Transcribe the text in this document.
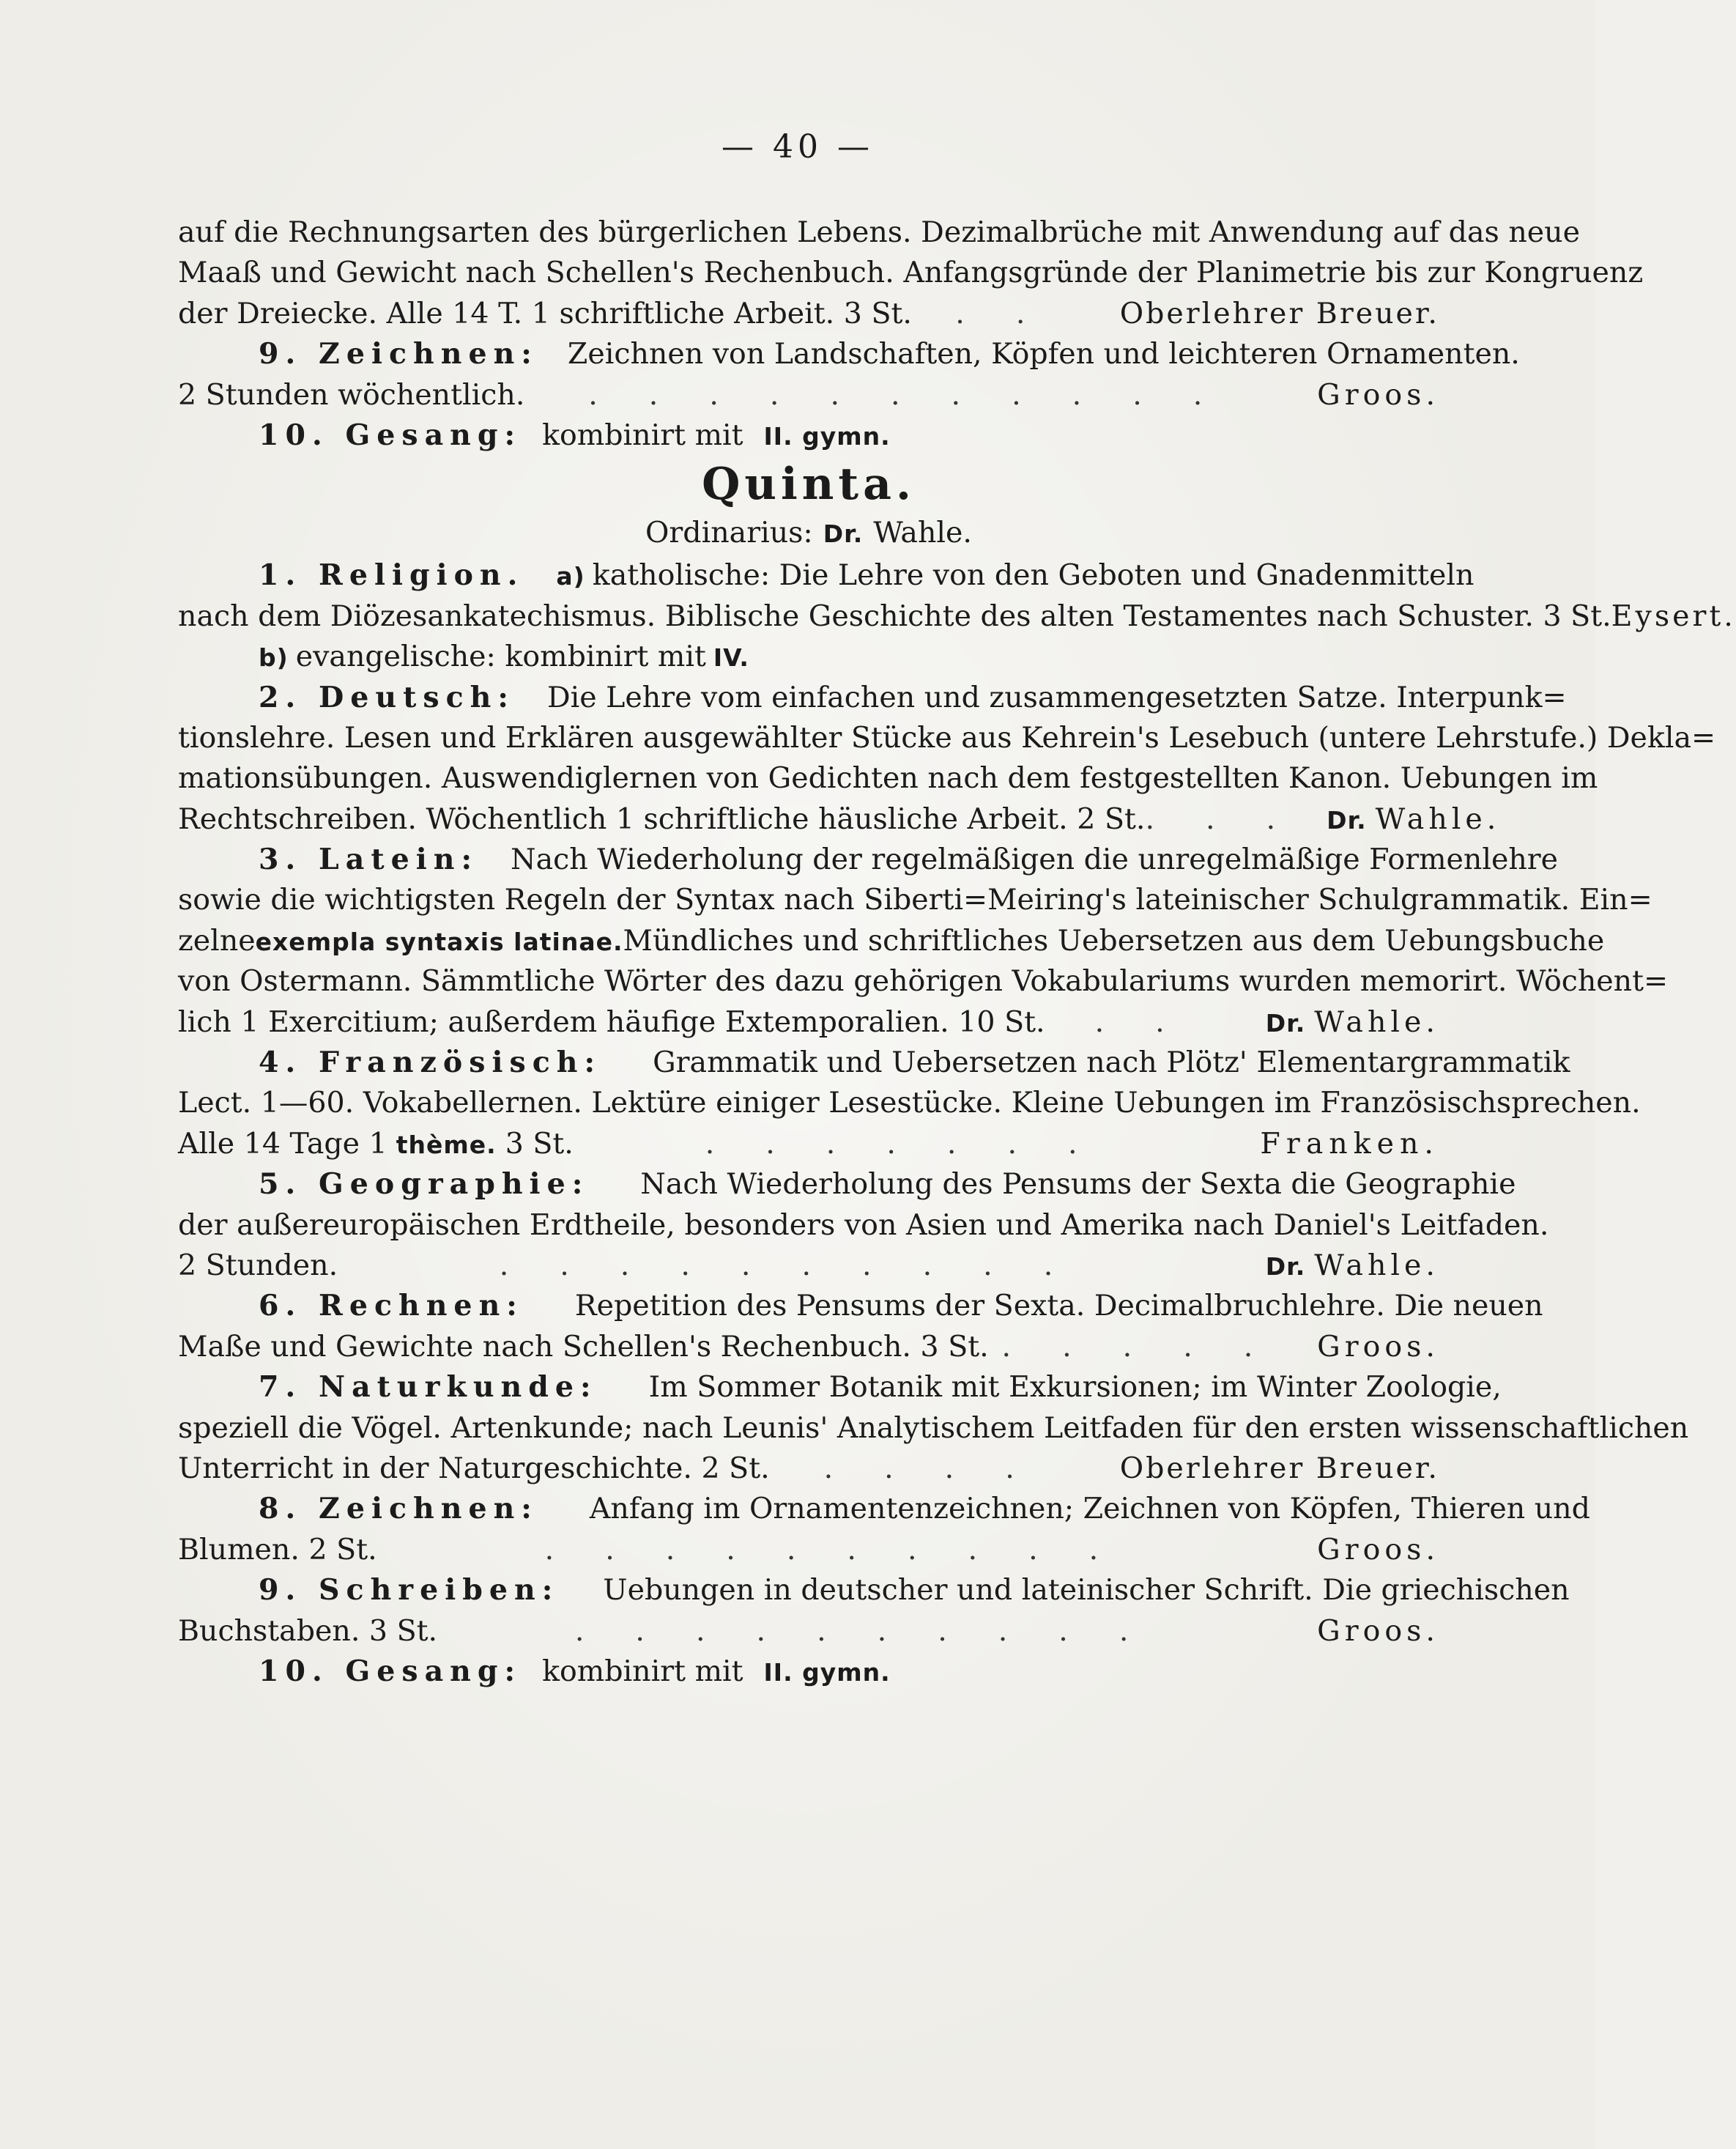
— 40 —
auf die Rechnungsarten des bürgerlichen Lebens. Dezimalbrüche mit Anwendung auf das neue
Maaß und Gewicht nach Schellen's Rechenbuch. Anfangsgründe der Planimetrie bis zur Kongruenz
der Dreiecke. Alle 14 T. 1 schriftliche Arbeit. 3 St. .. Oberlehrer Breuer.
9. Zeichnen: Zeichnen von Landschaften, Köpfen und leichteren Ornamenten.
2 Stunden wöchentlich. ........... Groos.
10. Gesang: kombinirt mit II. gymn.
Quinta.
Ordinarius: Dr. Wahle.
1. Religion. a) katholische: Die Lehre von den Geboten und Gnadenmitteln
nach dem Diözesankatechismus. Biblische Geschichte des alten Testamentes nach Schuster. 3 St. Eysert.
b) evangelische: kombinirt mit IV.
2. Deutsch: Die Lehre vom einfachen und zusammengesetzten Satze. Interpunk=
tionslehre. Lesen und Erklären ausgewählter Stücke aus Kehrein's Lesebuch (untere Lehrstufe.) Dekla=
mationsübungen. Auswendiglernen von Gedichten nach dem festgestellten Kanon. Uebungen im
Rechtschreiben. Wöchentlich 1 schriftliche häusliche Arbeit. 2 St. ... Dr. Wahle.
3. Latein: Nach Wiederholung der regelmäßigen die unregelmäßige Formenlehre
sowie die wichtigsten Regeln der Syntax nach Siberti=Meiring's lateinischer Schulgrammatik. Ein=
zelne exempla syntaxis latinae. Mündliches und schriftliches Uebersetzen aus dem Uebungsbuche
von Ostermann. Sämmtliche Wörter des dazu gehörigen Vokabulariums wurden memorirt. Wöchent=
lich 1 Exercitium; außerdem häufige Extemporalien. 10 St. .. Dr. Wahle.
4. Französisch: Grammatik und Uebersetzen nach Plötz' Elementargrammatik
Lect. 1—60. Vokabellernen. Lektüre einiger Lesestücke. Kleine Uebungen im Französischsprechen.
Alle 14 Tage 1 thème. 3 St.	.......	Franken.
5. Geographie: Nach Wiederholung des Pensums der Sexta die Geographie
der außereuropäischen Erdtheile, besonders von Asien und Amerika nach Daniel's Leitfaden.
2 Stunden.	..........	Dr. Wahle.
6. Rechnen: Repetition des Pensums der Sexta. Decimalbruchlehre. Die neuen
Maße und Gewichte nach Schellen's Rechenbuch. 3 St. ..... Groos.
7. Naturkunde: Im Sommer Botanik mit Exkursionen; im Winter Zoologie,
speziell die Vögel. Artenkunde; nach Leunis' Analytischem Leitfaden für den ersten wissenschaftlichen
Unterricht in der Naturgeschichte. 2 St. .... Oberlehrer Breuer.
8. Zeichnen: Anfang im Ornamentenzeichnen; Zeichnen von Köpfen, Thieren und
Blumen. 2 St.	..........	Groos.
9. Schreiben: Uebungen in deutscher und lateinischer Schrift. Die griechischen
Buchstaben. 3 St.	..........	Groos.
10. Gesang: kombinirt mit II. gymn.
